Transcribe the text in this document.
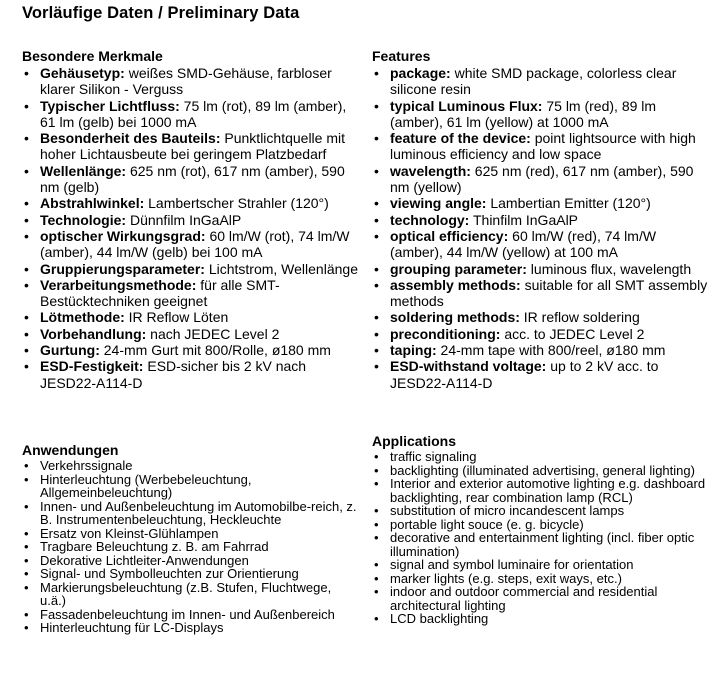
Vorläufige Daten / Preliminary Data
Besondere Merkmale
• Gehäusetyp: weißes SMD-Gehäuse, farbloser klarer Silikon - Verguss
• Typischer Lichtfluss: 75 lm (rot), 89 lm (amber), 61 lm (gelb) bei 1000 mA
• Besonderheit des Bauteils: Punktlichtquelle mit hoher Lichtausbeute bei geringem Platzbedarf
• Wellenlänge: 625 nm (rot), 617 nm (amber), 590 nm (gelb)
• Abstrahlwinkel: Lambertscher Strahler (120°)
• Technologie: Dünnfilm InGaAlP
• optischer Wirkungsgrad: 60 lm/W (rot), 74 lm/W (amber), 44 lm/W (gelb) bei 100 mA
• Gruppierungsparameter: Lichtstrom, Wellenlänge
• Verarbeitungsmethode: für alle SMT-Bestücktechniken geeignet
• Lötmethode: IR Reflow Löten
• Vorbehandlung: nach JEDEC Level 2
• Gurtung: 24-mm Gurt mit 800/Rolle, ø180 mm
• ESD-Festigkeit: ESD-sicher bis 2 kV nach JESD22-A114-D
Features
• package: white SMD package, colorless clear silicone resin
• typical Luminous Flux: 75 lm (red), 89 lm (amber), 61 lm (yellow) at 1000 mA
• feature of the device: point lightsource with high luminous efficiency and low space
• wavelength: 625 nm (red), 617 nm (amber), 590 nm (yellow)
• viewing angle: Lambertian Emitter (120°)
• technology: Thinfilm InGaAlP
• optical efficiency: 60 lm/W (red), 74 lm/W (amber), 44 lm/W (yellow) at 100 mA
• grouping parameter: luminous flux, wavelength
• assembly methods: suitable for all SMT assembly methods
• soldering methods: IR reflow soldering
• preconditioning: acc. to JEDEC Level 2
• taping: 24-mm tape with 800/reel, ø180 mm
• ESD-withstand voltage: up to 2 kV acc. to JESD22-A114-D
Anwendungen
• Verkehrssignale
• Hinterleuchtung (Werbebeleuchtung, Allgemeinbeleuchtung)
• Innen- und Außenbeleuchtung im Automobilbe-reich, z. B. Instrumentenbeleuchtung, Heckleuchte
• Ersatz von Kleinst-Glühlampen
• Tragbare Beleuchtung z. B. am Fahrrad
• Dekorative Lichtleiter-Anwendungen
• Signal- und Symbolleuchten zur Orientierung
• Markierungsbeleuchtung (z.B. Stufen, Fluchtwege, u.ä.)
• Fassadenbeleuchtung im Innen- und Außenbereich
• Hinterleuchtung für LC-Displays
Applications
• traffic signaling
• backlighting (illuminated advertising, general lighting)
• Interior and exterior automotive lighting e.g. dashboard backlighting, rear combination lamp (RCL)
• substitution of micro incandescent lamps
• portable light souce (e. g. bicycle)
• decorative and entertainment lighting (incl. fiber optic illumination)
• signal and symbol luminaire for orientation
• marker lights (e.g. steps, exit ways, etc.)
• indoor and outdoor commercial and residential architectural lighting
• LCD backlighting
